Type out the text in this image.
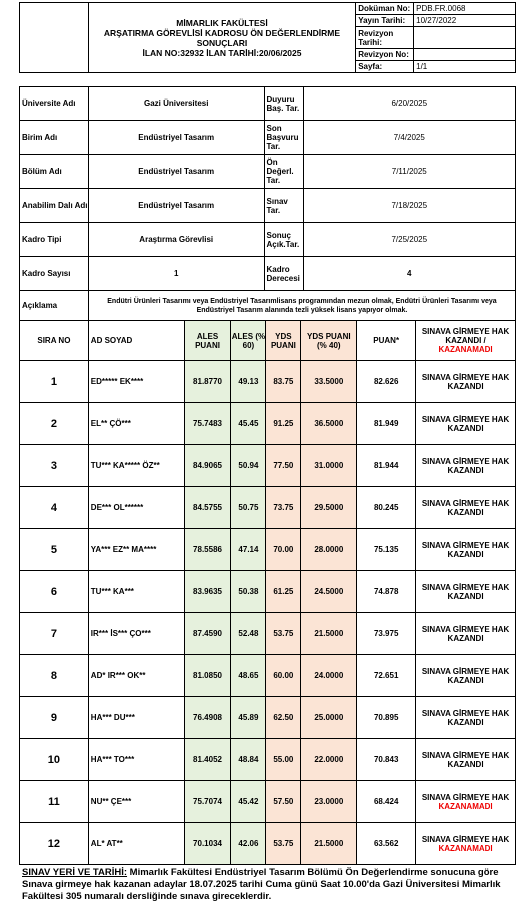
	MİMARLIK FAKÜLTESİ
ARŞATIRMA GÖREVLİSİ KADROSU ÖN DEĞERLENDİRME
SONUÇLARI
İLAN NO:32932 İLAN TARİHİ:20/06/2025	Doküman No:	PDB.FR.0068
		Yayın Tarihi:	10/27/2022
		Revizyon Tarihi:	
		Revizyon No:	
		Sayfa:	1/1
Üniversite Adı	Gazi Üniversitesi	Duyuru Baş. Tar.	6/20/2025
Birim Adı	Endüstriyel Tasarım	Son Başvuru Tar.	7/4/2025
Bölüm Adı	Endüstriyel Tasarım	Ön Değerl. Tar.	7/11/2025
Anabilim Dalı Adı	Endüstriyel Tasarım	Sınav Tar.	7/18/2025
Kadro Tipi	Araştırma Görevlisi	Sonuç Açık.Tar.	7/25/2025
Kadro Sayısı	1	Kadro Derecesi	4
Açıklama	Endütri Ürünleri Tasarımı veya Endüstriyel Tasarımlisans programından mezun olmak, Endütri Ürünleri Tasarımı veya Endüstriyel Tasarım alanında tezli yüksek lisans yapıyor olmak.
SIRA NO	AD SOYAD	ALES PUANI	ALES (% 60)	YDS PUANI	YDS PUANI (% 40)	PUAN*	SINAVA GİRMEYE HAK KAZANDI /
KAZANAMADI
1	ED***** EK****	81.8770	49.13	83.75	33.5000	82.626	SINAVA GİRMEYE HAK KAZANDI
2	EL** ÇÖ***	75.7483	45.45	91.25	36.5000	81.949	SINAVA GİRMEYE HAK KAZANDI
3	TU*** KA***** ÖZ**	84.9065	50.94	77.50	31.0000	81.944	SINAVA GİRMEYE HAK KAZANDI
4	DE*** OL******	84.5755	50.75	73.75	29.5000	80.245	SINAVA GİRMEYE HAK KAZANDI
5	YA*** EZ** MA****	78.5586	47.14	70.00	28.0000	75.135	SINAVA GİRMEYE HAK KAZANDI
6	TU*** KA***	83.9635	50.38	61.25	24.5000	74.878	SINAVA GİRMEYE HAK KAZANDI
7	IR*** İS*** ÇO***	87.4590	52.48	53.75	21.5000	73.975	SINAVA GİRMEYE HAK KAZANDI
8	AD* IR*** OK**	81.0850	48.65	60.00	24.0000	72.651	SINAVA GİRMEYE HAK KAZANDI
9	HA*** DU***	76.4908	45.89	62.50	25.0000	70.895	SINAVA GİRMEYE HAK KAZANDI
10	HA*** TO***	81.4052	48.84	55.00	22.0000	70.843	SINAVA GİRMEYE HAK KAZANDI
11	NU** ÇE***	75.7074	45.42	57.50	23.0000	68.424	SINAVA GİRMEYE HAK
KAZANAMADI
12	AL* AT**	70.1034	42.06	53.75	21.5000	63.562	SINAVA GİRMEYE HAK
KAZANAMADI
SINAV YERİ VE TARİHİ: Mimarlık Fakültesi Endüstriyel Tasarım Bölümü Ön Değerlendirme sonucuna göre Sınava girmeye hak kazanan adaylar 18.07.2025 tarihi Cuma günü Saat 10.00'da Gazi Üniversitesi Mimarlık Fakültesi 305 numaralı dersliğinde sınava gireceklerdir.
